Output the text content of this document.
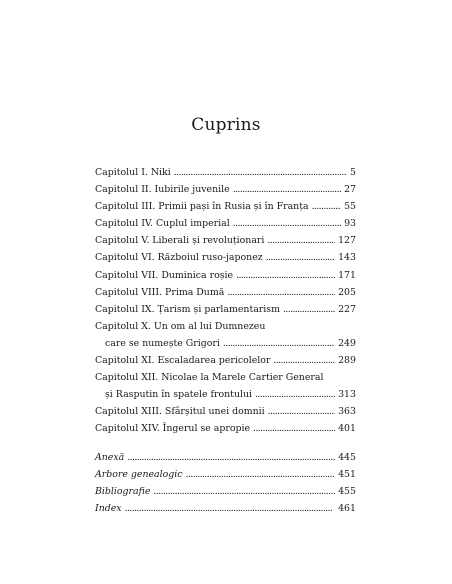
Cuprins
Capitolul I. Niki . . .	5
Capitolul II. Iubirile juvenile . . .	27
Capitolul III. Primii pași în Rusia și în Franța . . .	55
Capitolul IV. Cuplul imperial . . .	93
Capitolul V. Liberali și revoluționari . . .	127
Capitolul VI. Războiul ruso-japonez . . .	143
Capitolul VII. Duminica roșie . . .	171
Capitolul VIII. Prima Dumă . . .	205
Capitolul IX. Țarism și parlamentarism . . .	227
Capitolul X. Un om al lui Dumnezeu
care se numește Grigori . . .	249
Capitolul XI. Escaladarea pericolelor . . .	289
Capitolul XII. Nicolae la Marele Cartier General
și Rasputin în spatele frontului . . .	313
Capitolul XIII. Sfârșitul unei domnii . . .	363
Capitolul XIV. Îngerul se apropie . . .	401
Anexă . . .	445
Arbore genealogic . . .	451
Bibliografie . . .	455
Index . . .	461
